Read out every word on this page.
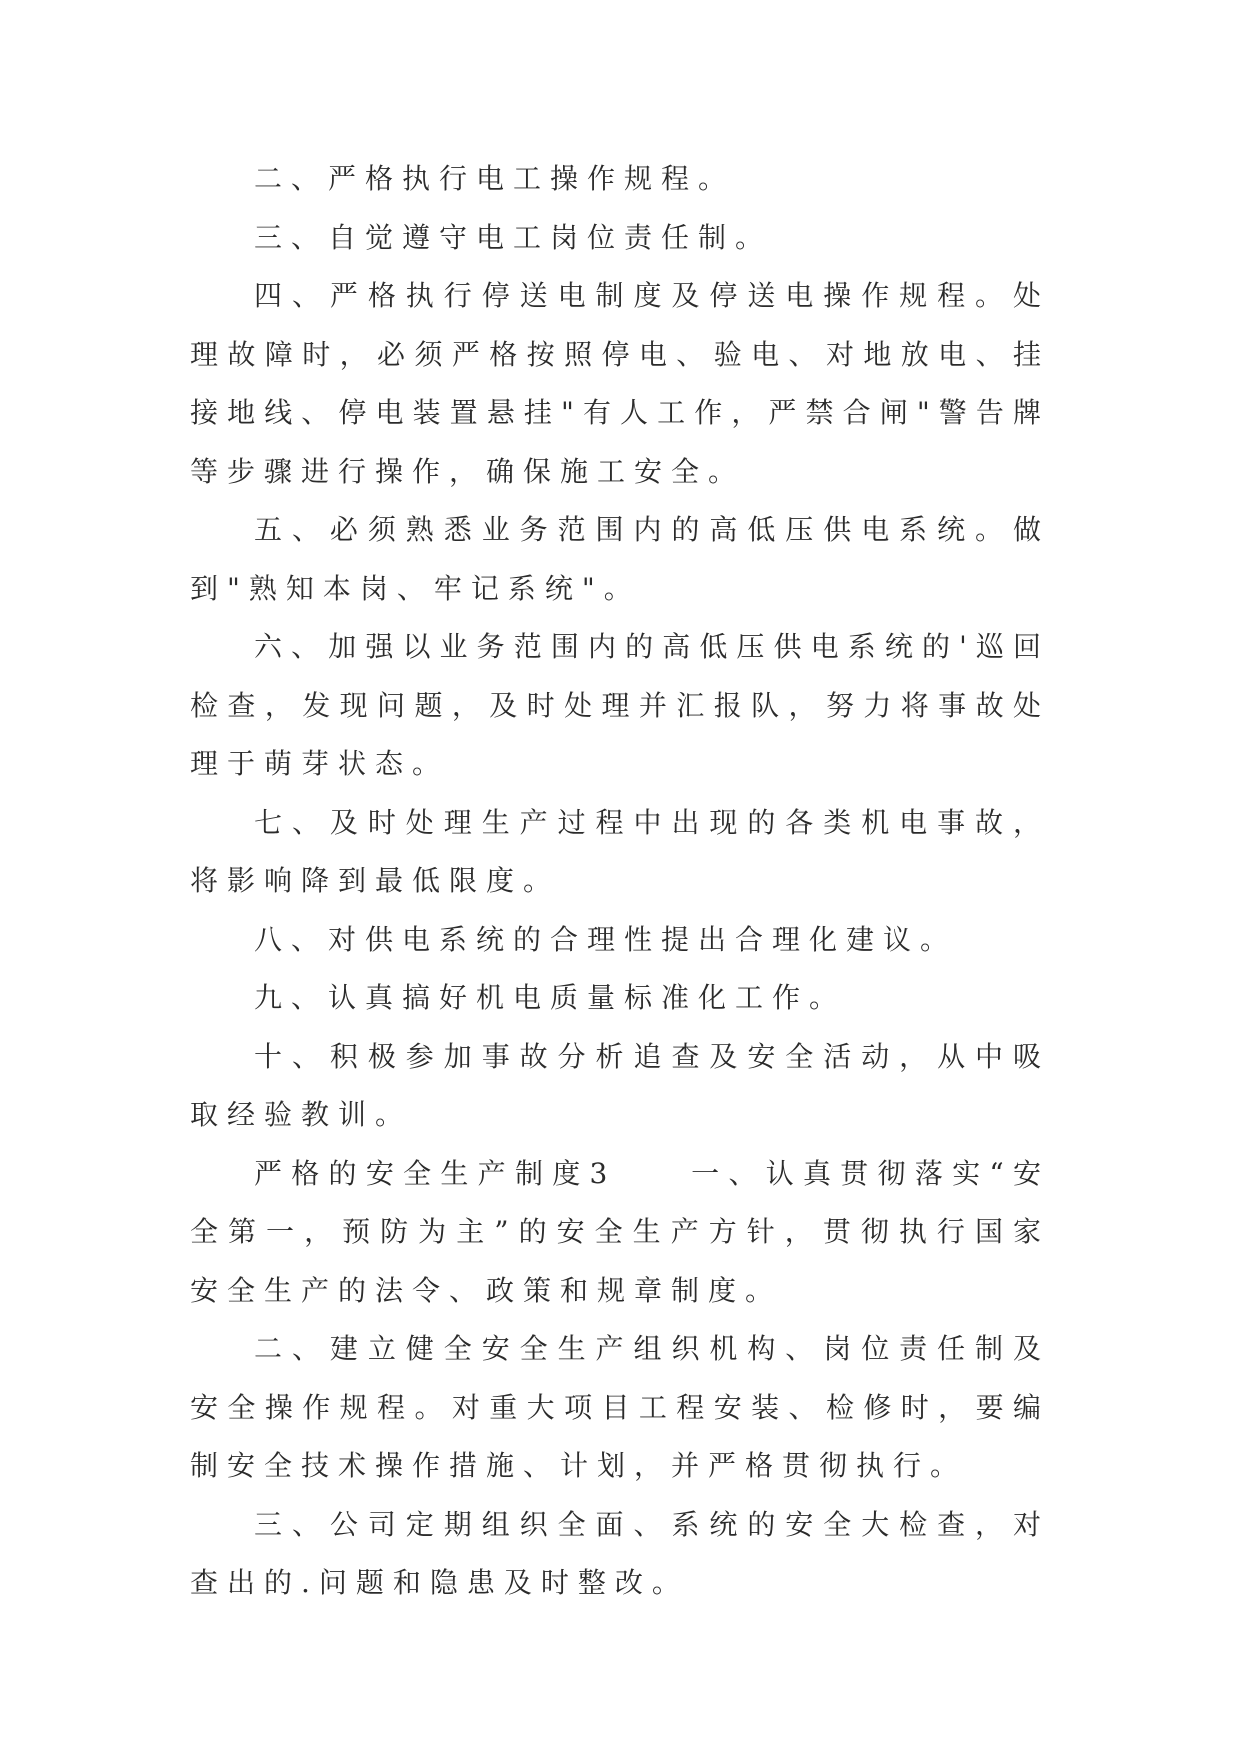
二、严格执行电工操作规程。

三、自觉遵守电工岗位责任制。

四、严格执行停送电制度及停送电操作规程。处理故障时，必须严格按照停电、验电、对地放电、挂接地线、停电装置悬挂"有人工作，严禁合闸"警告牌等步骤进行操作，确保施工安全。

五、必须熟悉业务范围内的高低压供电系统。做到"熟知本岗、牢记系统"。

六、加强以业务范围内的高低压供电系统的'巡回检查，发现问题，及时处理并汇报队，努力将事故处理于萌芽状态。

七、及时处理生产过程中出现的各类机电事故，将影响降到最低限度。

八、对供电系统的合理性提出合理化建议。

九、认真搞好机电质量标准化工作。

十、积极参加事故分析追查及安全活动，从中吸取经验教训。

严格的安全生产制度3　　一、认真贯彻落实“安全第一，预防为主”的安全生产方针，贯彻执行国家安全生产的法令、政策和规章制度。

二、建立健全安全生产组织机构、岗位责任制及安全操作规程。对重大项目工程安装、检修时，要编制安全技术操作措施、计划，并严格贯彻执行。

三、公司定期组织全面、系统的安全大检查，对查出的.问题和隐患及时整改。
